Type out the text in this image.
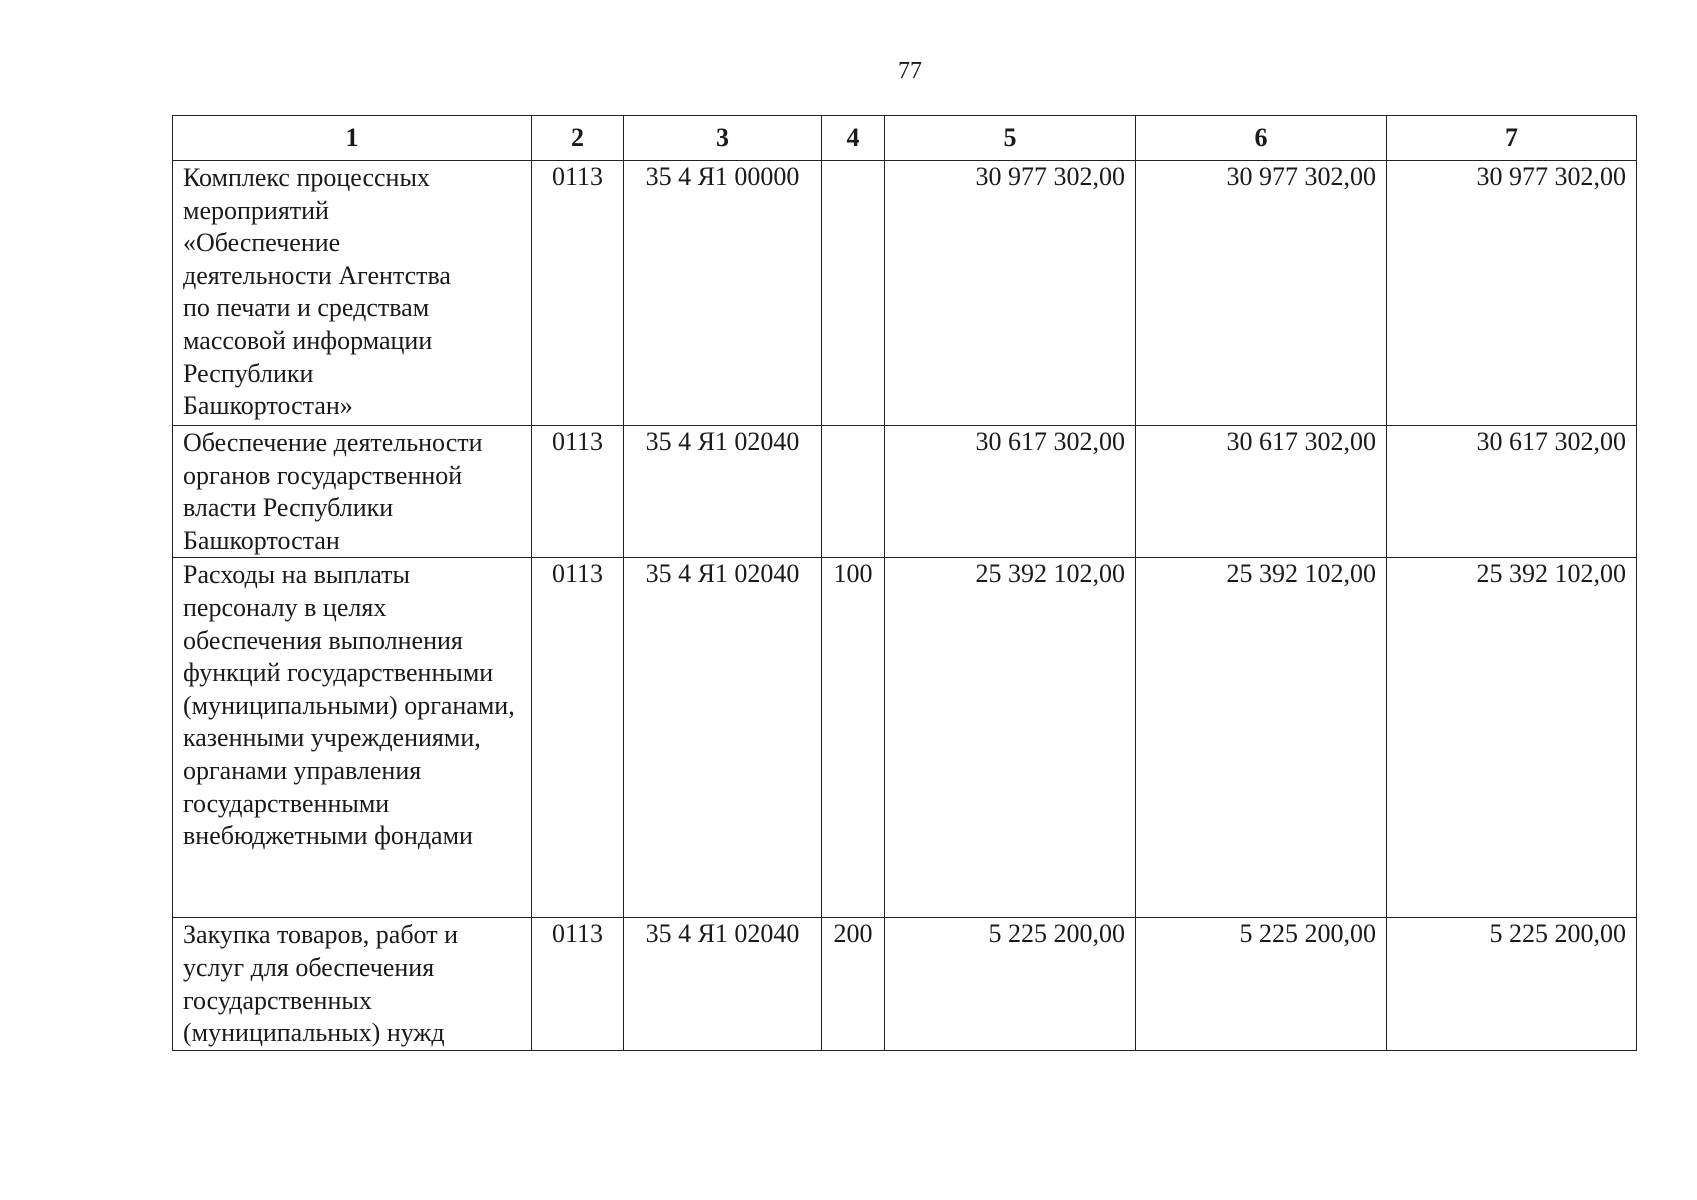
77
1	2	3	4	5	6	7

Комплекс процессных мероприятий «Обеспечение деятельности Агентства по печати и средствам массовой информации Республики Башкортостан»	0113	35 4 Я1 00000		30 977 302,00	30 977 302,00	30 977 302,00

Обеспечение деятельности органов государственной власти Республики Башкортостан	0113	35 4 Я1 02040		30 617 302,00	30 617 302,00	30 617 302,00

Расходы на выплаты персоналу в целях обеспечения выполнения функций государственными (муниципальными) органами, казенными учреждениями, органами управления государственными внебюджетными фондами	0113	35 4 Я1 02040	100	25 392 102,00	25 392 102,00	25 392 102,00

Закупка товаров, работ и услуг для обеспечения государственных (муниципальных) нужд	0113	35 4 Я1 02040	200	5 225 200,00	5 225 200,00	5 225 200,00
